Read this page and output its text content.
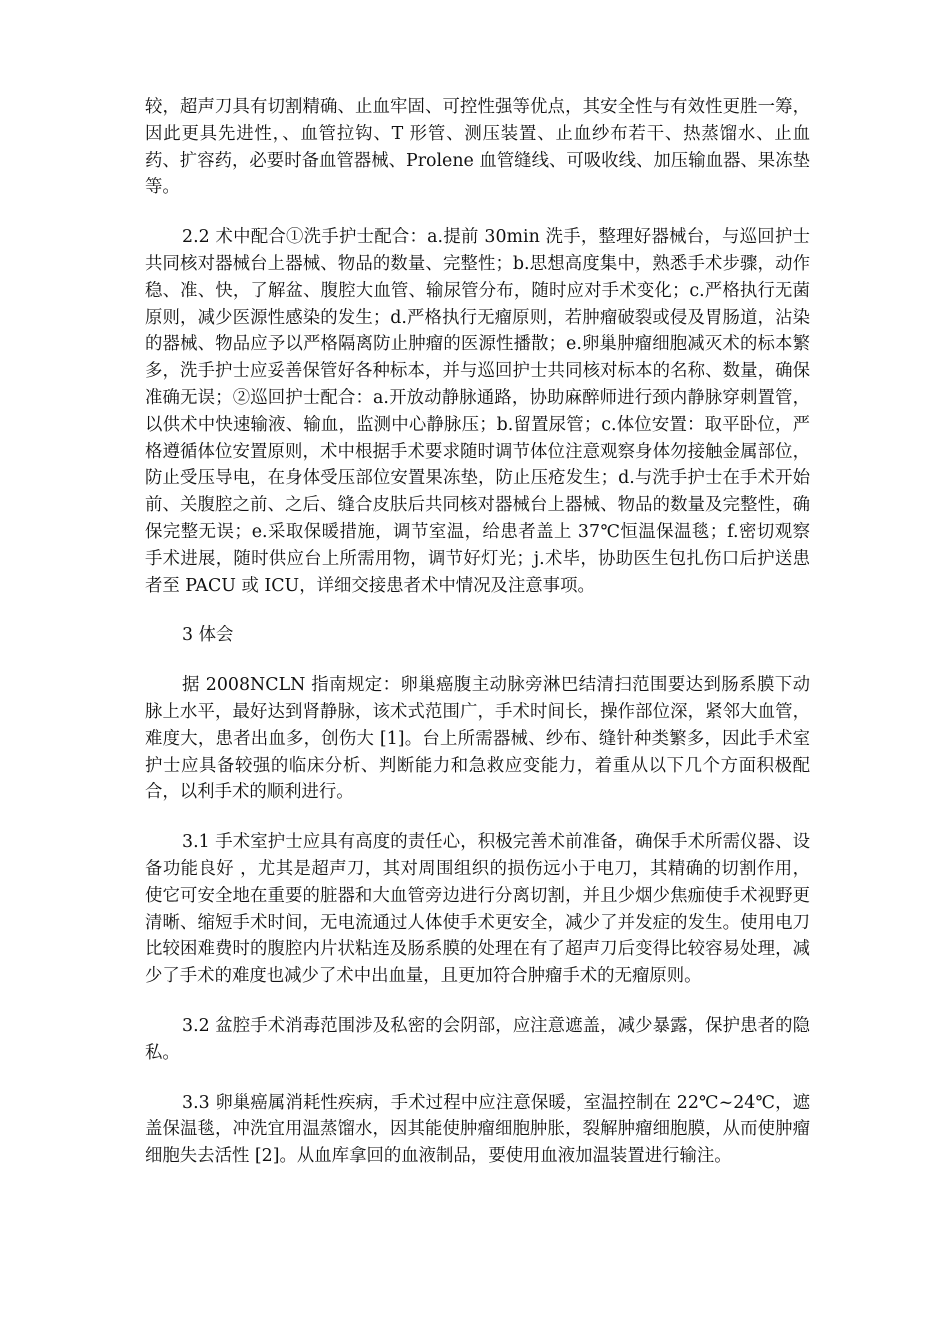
较，超声刀具有切割精确、止血牢固、可控性强等优点，其安全性与有效性更胜一筹，因此更具先进性，、血管拉钩、T 形管、测压装置、止血纱布若干、热蒸馏水、止血药、扩容药，必要时备血管器械、Prolene 血管缝线、可吸收线、加压输血器、果冻垫等。

2.2 术中配合①洗手护士配合：a.提前 30min 洗手，整理好器械台，与巡回护士共同核对器械台上器械、物品的数量、完整性；b.思想高度集中，熟悉手术步骤，动作稳、准、快，了解盆、腹腔大血管、输尿管分布，随时应对手术变化；c.严格执行无菌原则，减少医源性感染的发生；d.严格执行无瘤原则，若肿瘤破裂或侵及胃肠道，沾染的器械、物品应予以严格隔离防止肿瘤的医源性播散；e.卵巢肿瘤细胞减灭术的标本繁多，洗手护士应妥善保管好各种标本，并与巡回护士共同核对标本的名称、数量，确保准确无误；②巡回护士配合：a.开放动静脉通路，协助麻醉师进行颈内静脉穿刺置管，以供术中快速输液、输血，监测中心静脉压；b.留置尿管；c.体位安置：取平卧位，严格遵循体位安置原则，术中根据手术要求随时调节体位注意观察身体勿接触金属部位，防止受压导电，在身体受压部位安置果冻垫，防止压疮发生；d.与洗手护士在手术开始前、关腹腔之前、之后、缝合皮肤后共同核对器械台上器械、物品的数量及完整性，确保完整无误；e.采取保暖措施，调节室温，给患者盖上 37℃恒温保温毯；f.密切观察手术进展，随时供应台上所需用物，调节好灯光；j.术毕，协助医生包扎伤口后护送患者至 PACU 或 ICU，详细交接患者术中情况及注意事项。

3 体会

据 2008NCLN 指南规定：卵巢癌腹主动脉旁淋巴结清扫范围要达到肠系膜下动脉上水平，最好达到肾静脉，该术式范围广，手术时间长，操作部位深，紧邻大血管，难度大，患者出血多，创伤大 [1]。台上所需器械、纱布、缝针种类繁多，因此手术室护士应具备较强的临床分析、判断能力和急救应变能力，着重从以下几个方面积极配合，以利手术的顺利进行。

3.1 手术室护士应具有高度的责任心，积极完善术前准备，确保手术所需仪器、设备功能良好 ，尤其是超声刀，其对周围组织的损伤远小于电刀，其精确的切割作用，使它可安全地在重要的脏器和大血管旁边进行分离切割，并且少烟少焦痂使手术视野更清晰、缩短手术时间，无电流通过人体使手术更安全，减少了并发症的发生。使用电刀比较困难费时的腹腔内片状粘连及肠系膜的处理在有了超声刀后变得比较容易处理，减少了手术的难度也减少了术中出血量，且更加符合肿瘤手术的无瘤原则。

3.2 盆腔手术消毒范围涉及私密的会阴部，应注意遮盖，减少暴露，保护患者的隐私。

3.3 卵巢癌属消耗性疾病，手术过程中应注意保暖，室温控制在 22℃~24℃，遮盖保温毯，冲洗宜用温蒸馏水，因其能使肿瘤细胞肿胀，裂解肿瘤细胞膜，从而使肿瘤细胞失去活性 [2]。从血库拿回的血液制品，要使用血液加温装置进行输注。
